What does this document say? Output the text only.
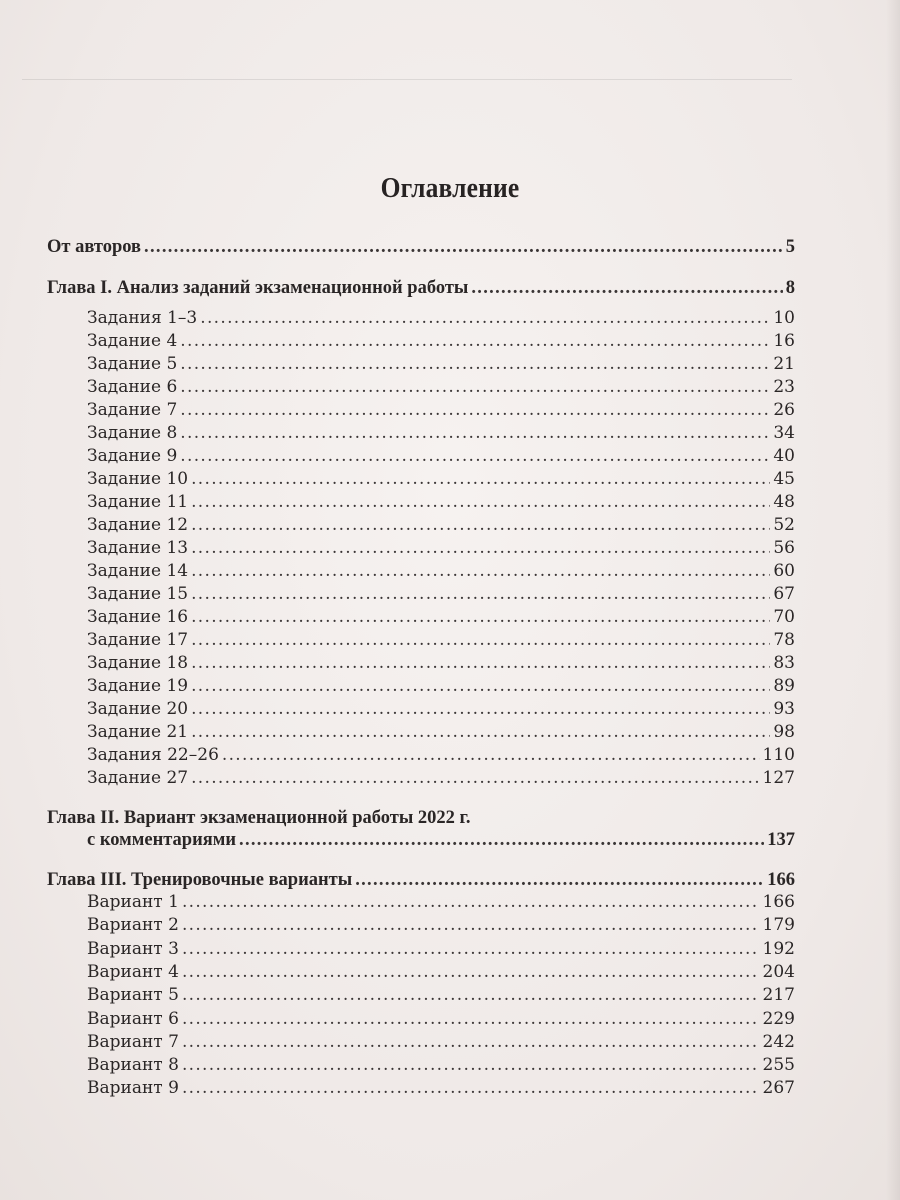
Оглавление
От авторов .....	5
Глава I. Анализ заданий экзаменационной работы .....	8
Задания 1–3 .....	10
Задание 4 .....	16
Задание 5 .....	21
Задание 6 .....	23
Задание 7 .....	26
Задание 8 .....	34
Задание 9 .....	40
Задание 10 .....	45
Задание 11 .....	48
Задание 12 .....	52
Задание 13 .....	56
Задание 14 .....	60
Задание 15 .....	67
Задание 16 .....	70
Задание 17 .....	78
Задание 18 .....	83
Задание 19 .....	89
Задание 20 .....	93
Задание 21 .....	98
Задания 22–26 .....	110
Задание 27 .....	127
Глава II. Вариант экзаменационной работы 2022 г.
с комментариями .....	137
Глава III. Тренировочные варианты .....	166
Вариант 1 .....	166
Вариант 2 .....	179
Вариант 3 .....	192
Вариант 4 .....	204
Вариант 5 .....	217
Вариант 6 .....	229
Вариант 7 .....	242
Вариант 8 .....	255
Вариант 9 .....	267
